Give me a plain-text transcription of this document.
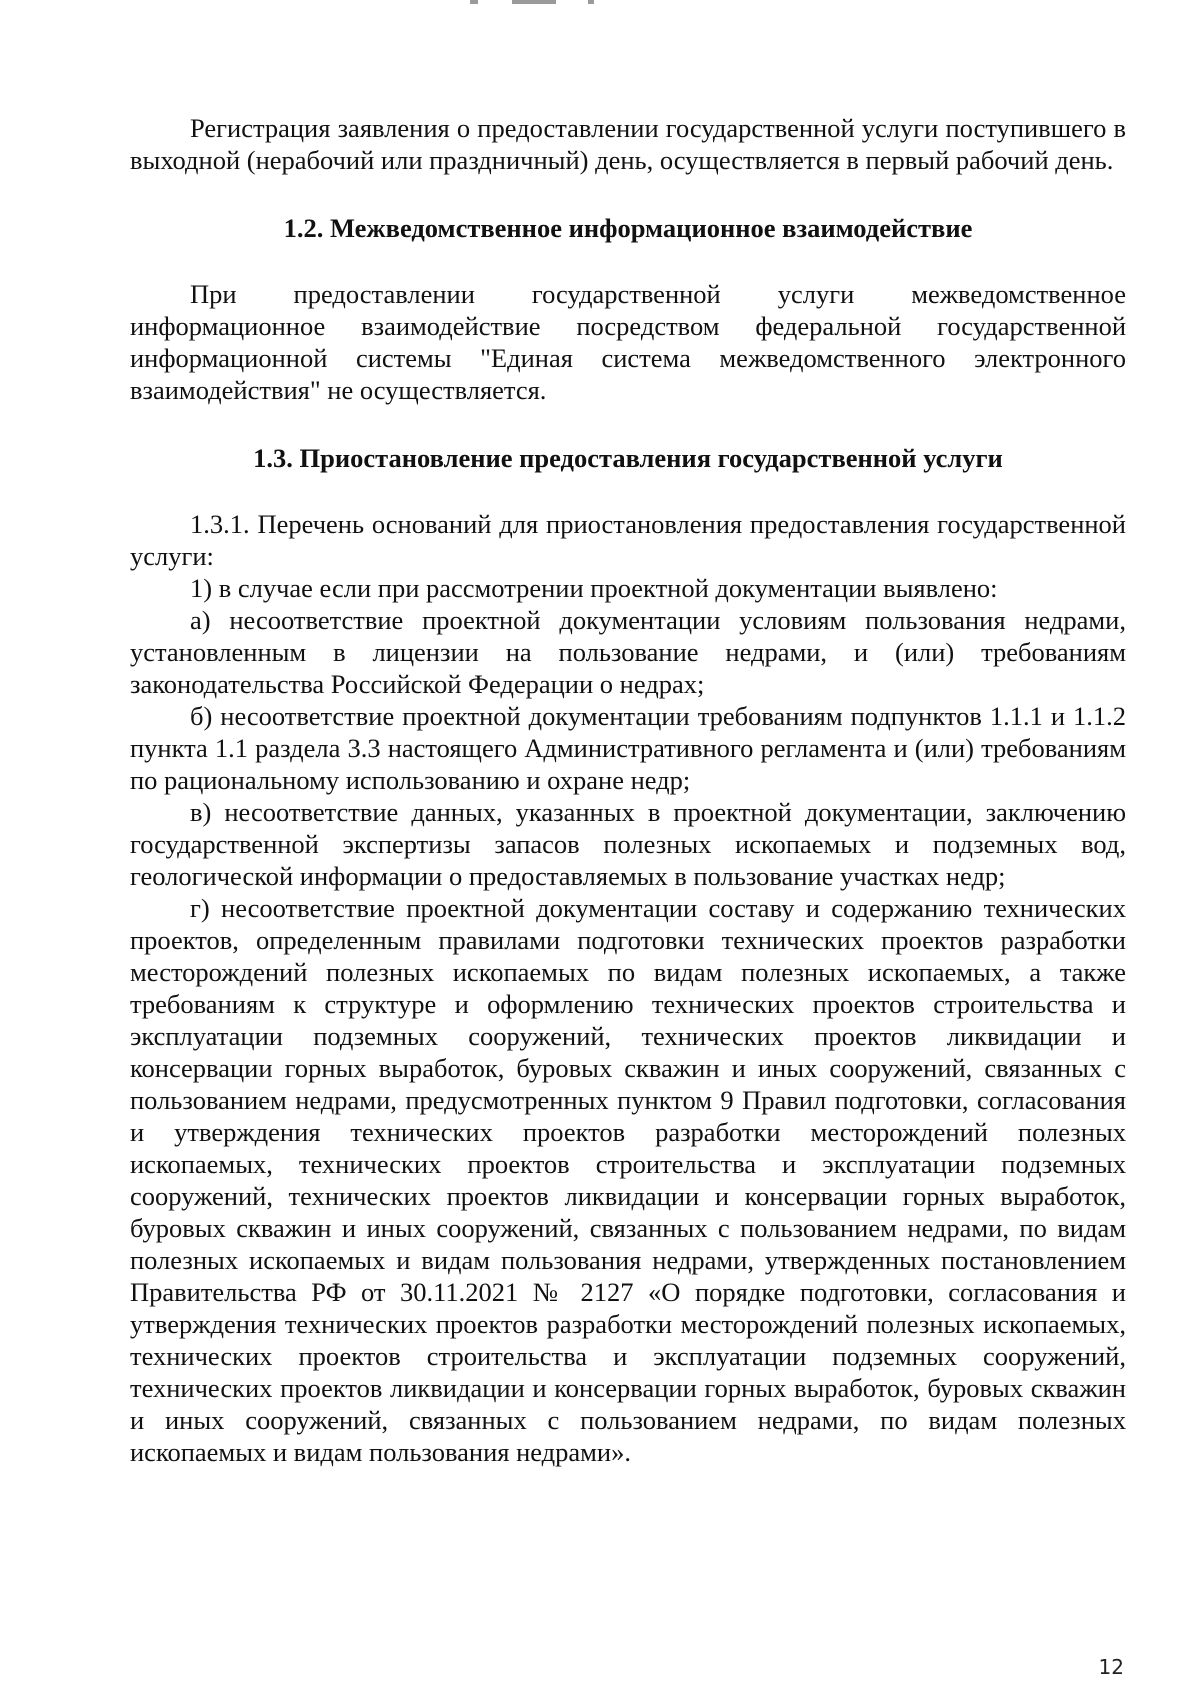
Регистрация заявления о предоставлении государственной услуги поступившего в выходной (нерабочий или праздничный) день, осуществляется в первый рабочий день.

1.2. Межведомственное информационное взаимодействие

При предоставлении государственной услуги межведомственное информационное взаимодействие посредством федеральной государственной информационной системы "Единая система межведомственного электронного взаимодействия" не осуществляется.

1.3. Приостановление предоставления государственной услуги

1.3.1. Перечень оснований для приостановления предоставления государственной услуги:

1) в случае если при рассмотрении проектной документации выявлено:

а) несоответствие проектной документации условиям пользования недрами, установленным в лицензии на пользование недрами, и (или) требованиям законодательства Российской Федерации о недрах;

б) несоответствие проектной документации требованиям подпунктов 1.1.1 и 1.1.2 пункта 1.1 раздела 3.3 настоящего Административного регламента и (или) требованиям по рациональному использованию и охране недр;

в) несоответствие данных, указанных в проектной документации, заключению государственной экспертизы запасов полезных ископаемых и подземных вод, геологической информации о предоставляемых в пользование участках недр;

г) несоответствие проектной документации составу и содержанию технических проектов, определенным правилами подготовки технических проектов разработки месторождений полезных ископаемых по видам полезных ископаемых, а также требованиям к структуре и оформлению технических проектов строительства и эксплуатации подземных сооружений, технических проектов ликвидации и консервации горных выработок, буровых скважин и иных сооружений, связанных с пользованием недрами, предусмотренных пунктом 9 Правил подготовки, согласования и утверждения технических проектов разработки месторождений полезных ископаемых, технических проектов строительства и эксплуатации подземных сооружений, технических проектов ликвидации и консервации горных выработок, буровых скважин и иных сооружений, связанных с пользованием недрами, по видам полезных ископаемых и видам пользования недрами, утвержденных постановлением Правительства РФ от 30.11.2021 № 2127 «О порядке подготовки, согласования и утверждения технических проектов разработки месторождений полезных ископаемых, технических проектов строительства и эксплуатации подземных сооружений, технических проектов ликвидации и консервации горных выработок, буровых скважин и иных сооружений, связанных с пользованием недрами, по видам полезных ископаемых и видам пользования недрами».

12
